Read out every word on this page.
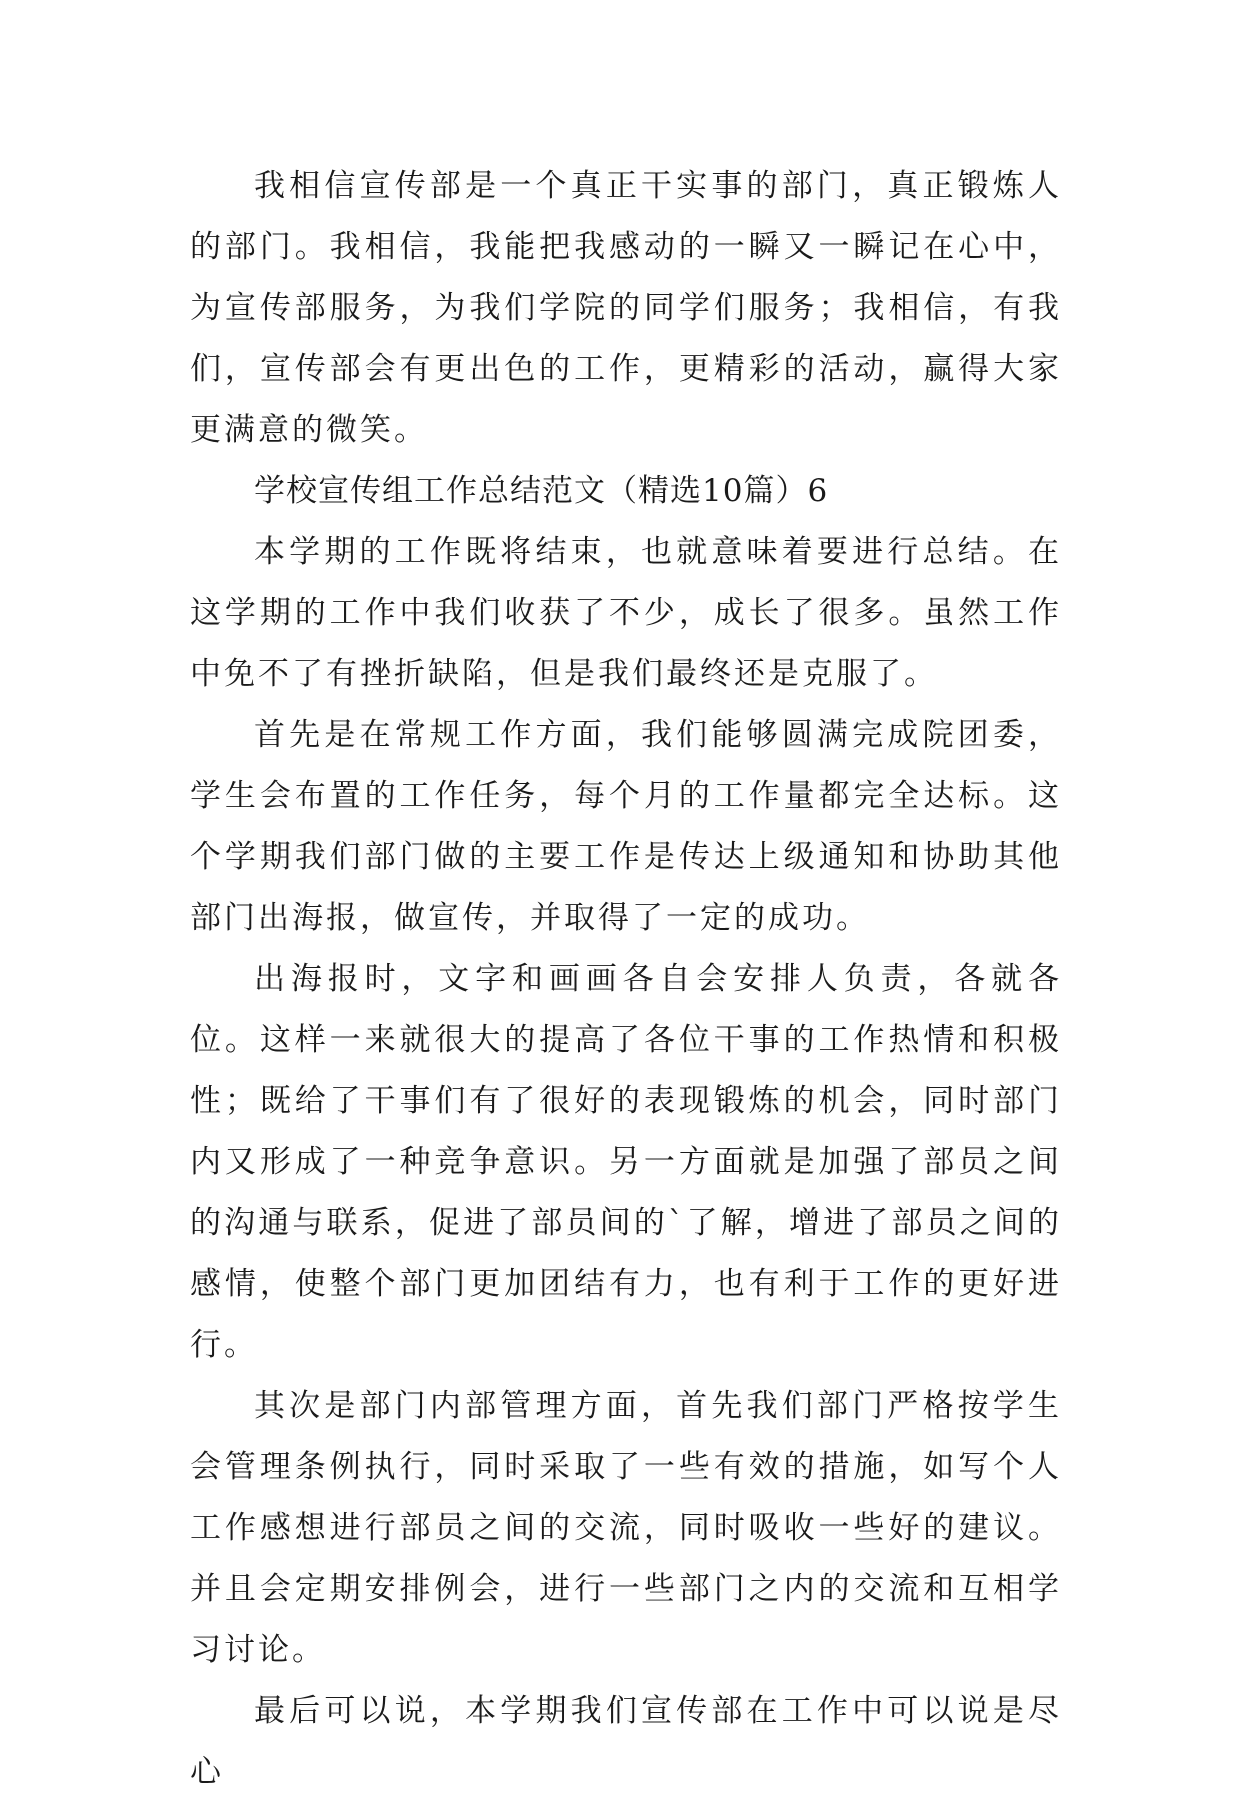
我相信宣传部是一个真正干实事的部门，真正锻炼人的部门。我相信，我能把我感动的一瞬又一瞬记在心中，为宣传部服务，为我们学院的同学们服务；我相信，有我们，宣传部会有更出色的工作，更精彩的活动，赢得大家更满意的微笑。

学校宣传组工作总结范文（精选10篇）6

本学期的工作既将结束，也就意味着要进行总结。在这学期的工作中我们收获了不少，成长了很多。虽然工作中免不了有挫折缺陷，但是我们最终还是克服了。

首先是在常规工作方面，我们能够圆满完成院团委，学生会布置的工作任务，每个月的工作量都完全达标。这个学期我们部门做的主要工作是传达上级通知和协助其他部门出海报，做宣传，并取得了一定的成功。

出海报时，文字和画画各自会安排人负责，各就各位。这样一来就很大的提高了各位干事的工作热情和积极性；既给了干事们有了很好的表现锻炼的机会，同时部门内又形成了一种竞争意识。另一方面就是加强了部员之间的沟通与联系，促进了部员间的`了解，增进了部员之间的感情，使整个部门更加团结有力，也有利于工作的更好进行。

其次是部门内部管理方面，首先我们部门严格按学生会管理条例执行，同时采取了一些有效的措施，如写个人工作感想进行部员之间的交流，同时吸收一些好的建议。并且会定期安排例会，进行一些部门之内的交流和互相学习讨论。

最后可以说，本学期我们宣传部在工作中可以说是尽心
